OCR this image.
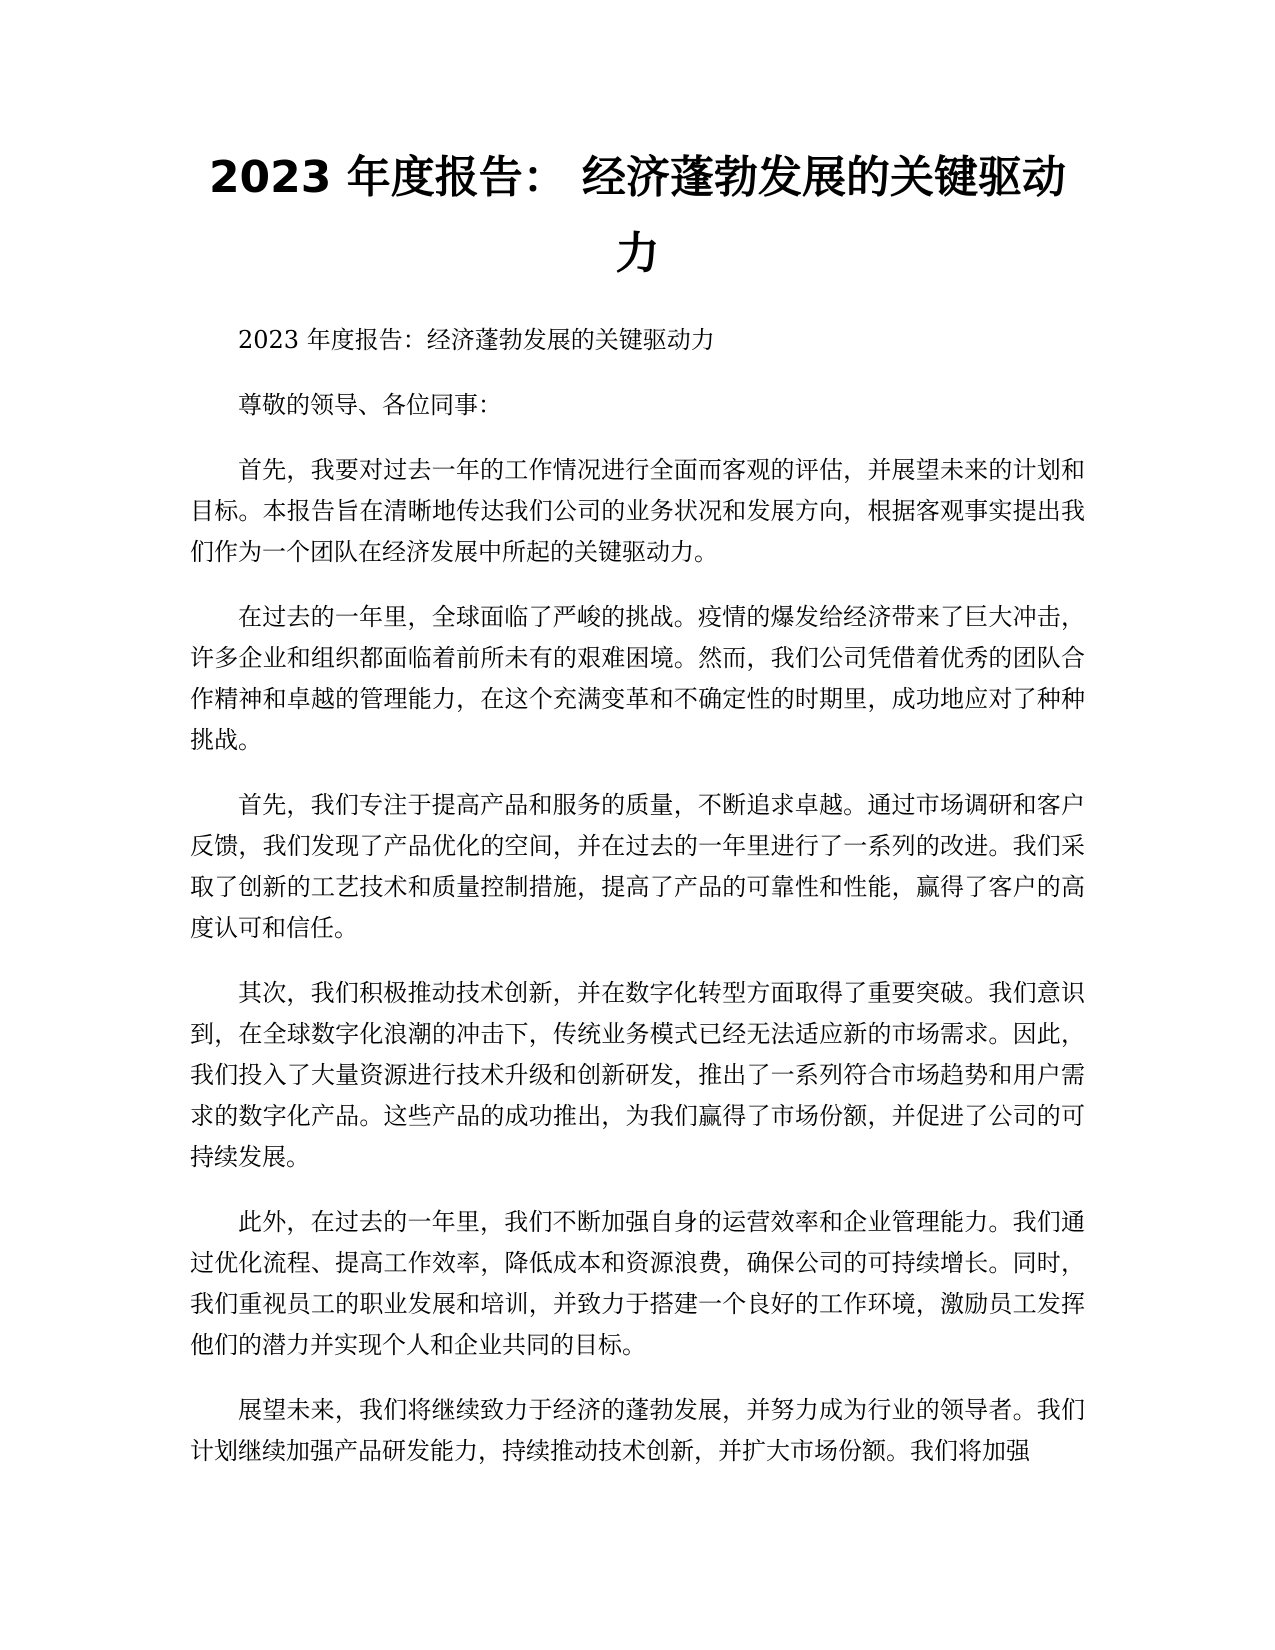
2023 年度报告： 经济蓬勃发展的关键驱动力

2023 年度报告：经济蓬勃发展的关键驱动力

尊敬的领导、各位同事：

首先，我要对过去一年的工作情况进行全面而客观的评估，并展望未来的计划和目标。本报告旨在清晰地传达我们公司的业务状况和发展方向，根据客观事实提出我们作为一个团队在经济发展中所起的关键驱动力。

在过去的一年里，全球面临了严峻的挑战。疫情的爆发给经济带来了巨大冲击，许多企业和组织都面临着前所未有的艰难困境。然而，我们公司凭借着优秀的团队合作精神和卓越的管理能力，在这个充满变革和不确定性的时期里，成功地应对了种种挑战。

首先，我们专注于提高产品和服务的质量，不断追求卓越。通过市场调研和客户反馈，我们发现了产品优化的空间，并在过去的一年里进行了一系列的改进。我们采取了创新的工艺技术和质量控制措施，提高了产品的可靠性和性能，赢得了客户的高度认可和信任。

其次，我们积极推动技术创新，并在数字化转型方面取得了重要突破。我们意识到，在全球数字化浪潮的冲击下，传统业务模式已经无法适应新的市场需求。因此，我们投入了大量资源进行技术升级和创新研发，推出了一系列符合市场趋势和用户需求的数字化产品。这些产品的成功推出，为我们赢得了市场份额，并促进了公司的可持续发展。

此外，在过去的一年里，我们不断加强自身的运营效率和企业管理能力。我们通过优化流程、提高工作效率，降低成本和资源浪费，确保公司的可持续增长。同时，我们重视员工的职业发展和培训，并致力于搭建一个良好的工作环境，激励员工发挥他们的潜力并实现个人和企业共同的目标。

展望未来，我们将继续致力于经济的蓬勃发展，并努力成为行业的领导者。我们计划继续加强产品研发能力，持续推动技术创新，并扩大市场份额。我们将加强
